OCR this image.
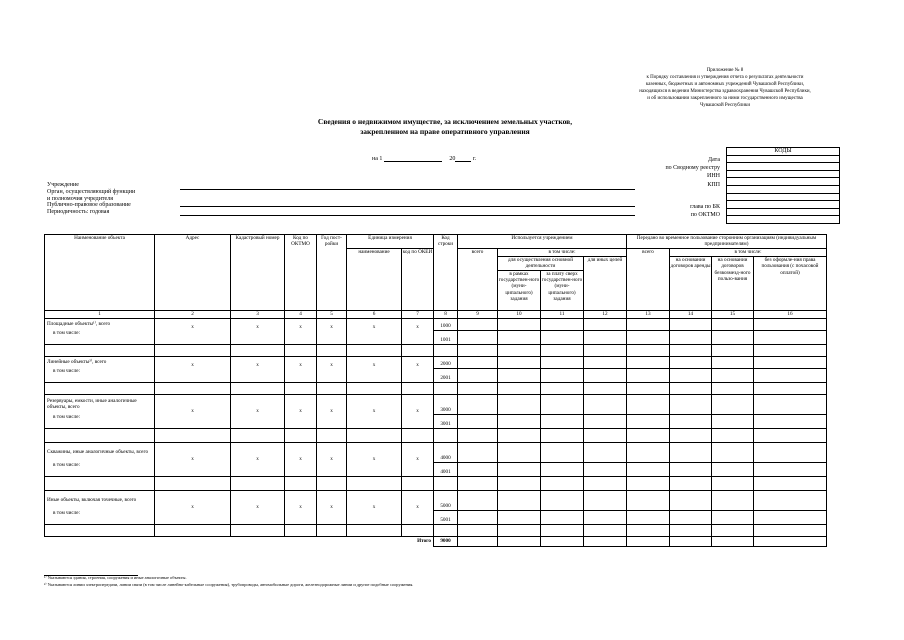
Приложение № 8
к Порядку составления и утверждения отчета о результатах деятельности
казенных, бюджетных и автономных учреждений Чувашской Республики,
находящихся в ведении Министерства здравоохранения Чувашской Республики,
и об использовании закрепленного за ними государственного имущества
Чувашской Республики
Сведения о недвижимом имуществе, за исключением земельных участков,
закрепленном на праве оперативного управления
на 1	20	г.	Дата
по Сводному реестру
ИНН
КПП
КОДЫ

Учреждение
Орган, осуществляющий функции
и полномочия учредителя
Публично-правовое образование
Периодичность: годовая
глава по БК
по ОКТМО
Наименование объекта	Адрес	Кадастровый номер	Код по ОКТМО	Год пост-ройки	Единица измерения		Код строки	Используется учреждением				Передано во временное пользование сторонним организациям (индивидуальным предпринимателям)			
					наименование	код по ОКЕИ		всего	в том числе:			всего	в том числе:		
									для осуществления основной деятельности		для иных целей		на основании договоров аренды	на основании договоров безвозмезд-ного пользо-вания	без оформле-ния права пользования (с почасовой оплатой)
									в рамках государствен-ного (муни-ципального) задания	за плату сверх государствен-ного (муни-ципального) задания					
1	2	3	4	5	6	7	8	9	10	11	12	13	14	15	16
Площадные объекты¹⁾, всего	x	x	x	x	x	x	1000								
в том числе:							1001								

Линейные объекты²⁾, всего	x	x	x	x	x	x	2000								
в том числе:							2001								

Резервуары, емкости, иные аналогичные объекты, всего	x	x	x	x	x	x	3000								
в том числе:							3001								

Скважины, иные аналогичные объекты, всего	x	x	x	x	x	x	4000								
в том числе:							4001								

Иные объекты, включая точечные, всего	x	x	x	x	x	x	5000								
в том числе:							5001								

						Итого	9000								
¹⁾ Указываются здания, строения, сооружения и иные аналогичные объекты.
²⁾ Указываются линии электропередачи, линии связи (в том числе линейно-кабельные сооружения), трубопроводы, автомобильные дороги, железнодорожные линии и другие подобные сооружения.
